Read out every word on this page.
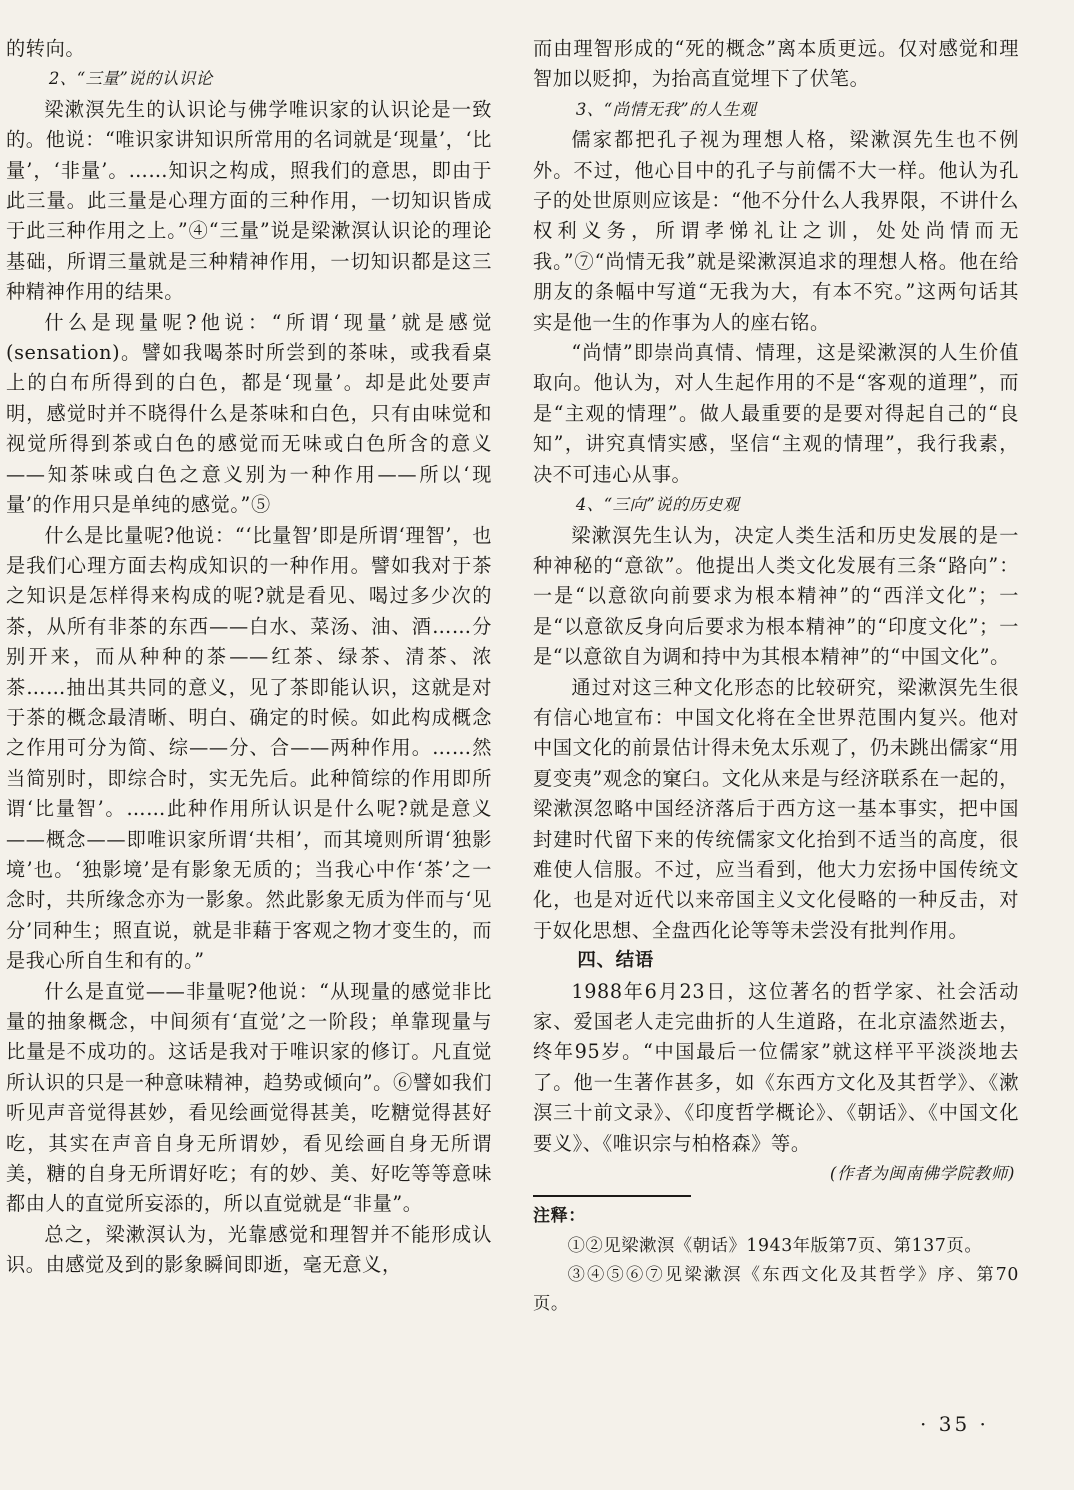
的转向。

2、“三量”说的认识论

梁漱溟先生的认识论与佛学唯识家的认识论是一致的。他说：“唯识家讲知识所常用的名词就是‘现量’，‘比量’，‘非量’。……知识之构成，照我们的意思，即由于此三量。此三量是心理方面的三种作用，一切知识皆成于此三种作用之上。”④“三量”说是梁漱溟认识论的理论基础，所谓三量就是三种精神作用，一切知识都是这三种精神作用的结果。

什么是现量呢?他说：“所谓‘现量’就是感觉(sensation)。譬如我喝茶时所尝到的茶味，或我看桌上的白布所得到的白色，都是‘现量’。却是此处要声明，感觉时并不晓得什么是茶味和白色，只有由味觉和视觉所得到茶或白色的感觉而无味或白色所含的意义——知茶味或白色之意义别为一种作用——所以‘现量’的作用只是单纯的感觉。”⑤

什么是比量呢?他说：“‘比量智’即是所谓‘理智’，也是我们心理方面去构成知识的一种作用。譬如我对于茶之知识是怎样得来构成的呢?就是看见、喝过多少次的茶，从所有非茶的东西——白水、菜汤、油、酒……分别开来，而从种种的茶——红茶、绿茶、清茶、浓茶……抽出其共同的意义，见了茶即能认识，这就是对于茶的概念最清晰、明白、确定的时候。如此构成概念之作用可分为简、综——分、合——两种作用。……然当简别时，即综合时，实无先后。此种简综的作用即所谓‘比量智’。……此种作用所认识是什么呢?就是意义——概念——即唯识家所谓‘共相’，而其境则所谓‘独影境’也。‘独影境’是有影象无质的；当我心中作‘茶’之一念时，共所缘念亦为一影象。然此影象无质为伴而与‘见分’同种生；照直说，就是非藉于客观之物才变生的，而是我心所自生和有的。”

什么是直觉——非量呢?他说：“从现量的感觉非比量的抽象概念，中间须有‘直觉’之一阶段；单靠现量与比量是不成功的。这话是我对于唯识家的修订。凡直觉所认识的只是一种意味精神，趋势或倾向”。⑥譬如我们听见声音觉得甚妙，看见绘画觉得甚美，吃糖觉得甚好吃，其实在声音自身无所谓妙，看见绘画自身无所谓美，糖的自身无所谓好吃；有的妙、美、好吃等等意味都由人的直觉所妄添的，所以直觉就是“非量”。

总之，梁漱溟认为，光靠感觉和理智并不能形成认识。由感觉及到的影象瞬间即逝，毫无意义，

而由理智形成的“死的概念”离本质更远。仅对感觉和理智加以贬抑，为抬高直觉埋下了伏笔。

3、“尚情无我”的人生观

儒家都把孔子视为理想人格，梁漱溟先生也不例外。不过，他心目中的孔子与前儒不大一样。他认为孔子的处世原则应该是：“他不分什么人我界限，不讲什么权利义务，所谓孝悌礼让之训，处处尚情而无我。”⑦“尚情无我”就是梁漱溟追求的理想人格。他在给朋友的条幅中写道“无我为大，有本不究。”这两句话其实是他一生的作事为人的座右铭。

“尚情”即崇尚真情、情理，这是梁漱溟的人生价值取向。他认为，对人生起作用的不是“客观的道理”，而是“主观的情理”。做人最重要的是要对得起自己的“良知”，讲究真情实感，坚信“主观的情理”，我行我素，决不可违心从事。

4、“三向”说的历史观

梁漱溟先生认为，决定人类生活和历史发展的是一种神秘的“意欲”。他提出人类文化发展有三条“路向”：一是“以意欲向前要求为根本精神”的“西洋文化”；一是“以意欲反身向后要求为根本精神”的“印度文化”；一是“以意欲自为调和持中为其根本精神”的“中国文化”。

通过对这三种文化形态的比较研究，梁漱溟先生很有信心地宣布：中国文化将在全世界范围内复兴。他对中国文化的前景估计得未免太乐观了，仍未跳出儒家“用夏变夷”观念的窠臼。文化从来是与经济联系在一起的，梁漱溟忽略中国经济落后于西方这一基本事实，把中国封建时代留下来的传统儒家文化抬到不适当的高度，很难使人信服。不过，应当看到，他大力宏扬中国传统文化，也是对近代以来帝国主义文化侵略的一种反击，对于奴化思想、全盘西化论等等未尝没有批判作用。

四、结语

1988年6月23日，这位著名的哲学家、社会活动家、爱国老人走完曲折的人生道路，在北京溘然逝去，终年95岁。“中国最后一位儒家”就这样平平淡淡地去了。他一生著作甚多，如《东西方文化及其哲学》、《漱溟三十前文录》、《印度哲学概论》、《朝话》、《中国文化要义》、《唯识宗与柏格森》等。

(作者为闽南佛学院教师)

注释：

①②见梁漱溟《朝话》1943年版第7页、第137页。

③④⑤⑥⑦见梁漱溟《东西文化及其哲学》序、第70页。

· 35 ·
